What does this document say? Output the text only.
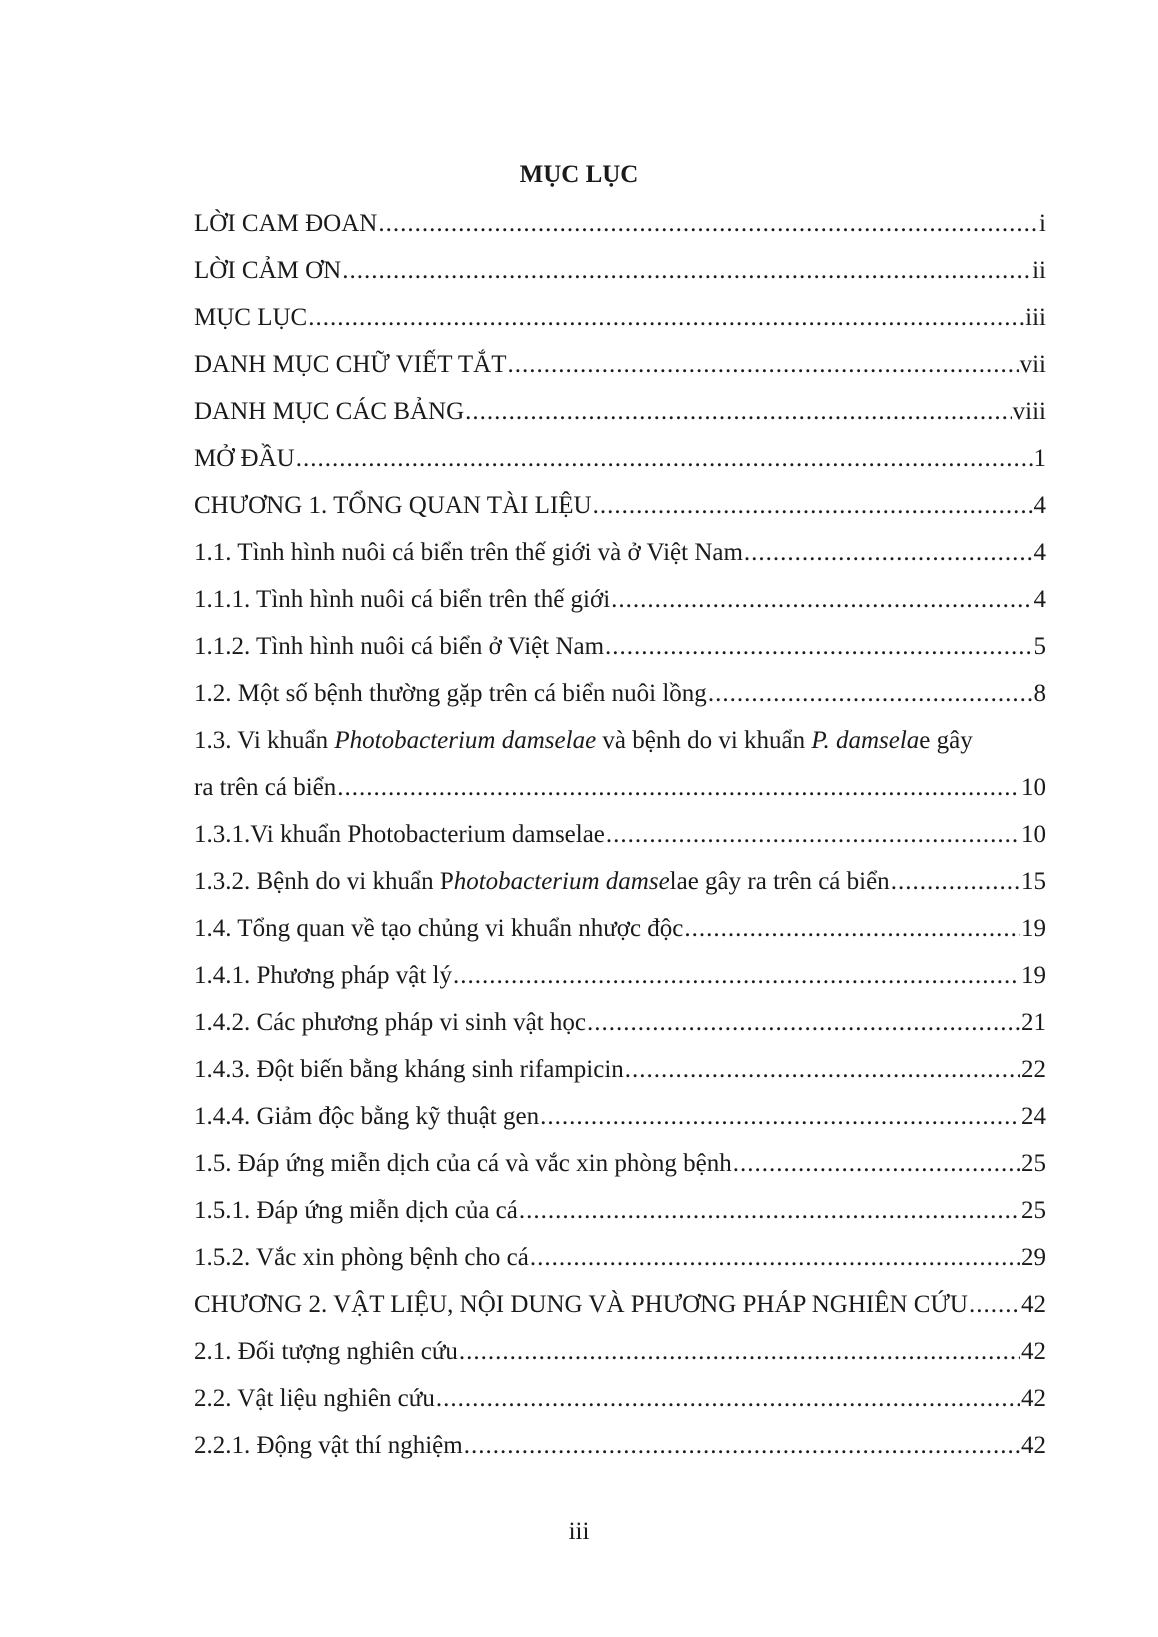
MỤC LỤC
LỜI CAM ĐOAN .....	i
LỜI CẢM ƠN .....	ii
MỤC LỤC .....	iii
DANH MỤC CHỮ VIẾT TẮT .....	vii
DANH MỤC CÁC BẢNG .....	viii
MỞ ĐẦU .....	1
CHƯƠNG 1. TỔNG QUAN TÀI LIỆU .....	4
1.1. Tình hình nuôi cá biển trên thế giới và ở Việt Nam .....	4
1.1.1. Tình hình nuôi cá biển trên thế giới .....	4
1.1.2. Tình hình nuôi cá biển ở Việt Nam .....	5
1.2. Một số bệnh thường gặp trên cá biển nuôi lồng .....	8
1.3. Vi khuẩn Photobacterium damselae và bệnh do vi khuẩn P. damselae gây
ra trên cá biển .....	10
1.3.1.Vi khuẩn Photobacterium damselae .....	10
1.3.2. Bệnh do vi khuẩn Photobacterium damselae gây ra trên cá biển .....	15
1.4. Tổng quan về tạo chủng vi khuẩn nhược độc .....	19
1.4.1. Phương pháp vật lý .....	19
1.4.2. Các phương pháp vi sinh vật học .....	21
1.4.3. Đột biến bằng kháng sinh rifampicin .....	22
1.4.4. Giảm độc bằng kỹ thuật gen .....	24
1.5. Đáp ứng miễn dịch của cá và vắc xin phòng bệnh .....	25
1.5.1. Đáp ứng miễn dịch của cá .....	25
1.5.2. Vắc xin phòng bệnh cho cá .....	29
CHƯƠNG 2. VẬT LIỆU, NỘI DUNG VÀ PHƯƠNG PHÁP NGHIÊN CỨU ..... 42
2.1. Đối tượng nghiên cứu .....	42
2.2. Vật liệu nghiên cứu .....	42
2.2.1. Động vật thí nghiệm .....	42
iii
